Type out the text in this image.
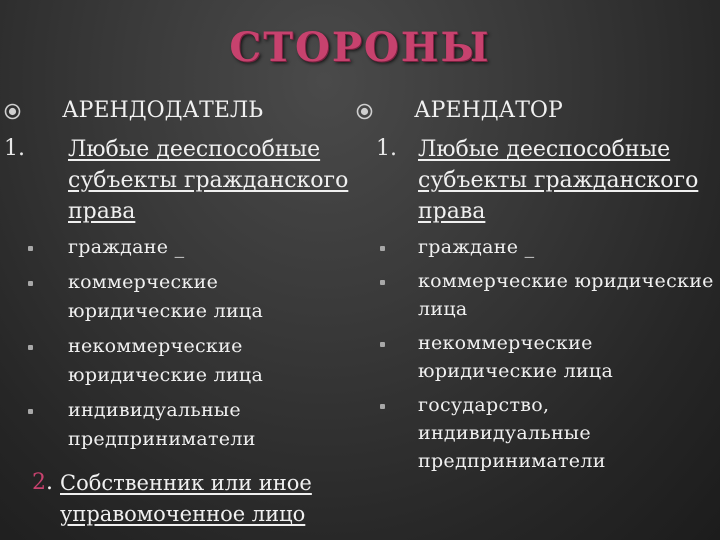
СТОРОНЫ
АРЕНДОДАТЕЛЬ
1. Любые дееспособные субъекты гражданского права
граждане _
коммерческие юридические лица
некоммерческие юридические лица
индивидуальные предприниматели
2. Собственник или иное управомоченное лицо
АРЕНДАТОР
1. Любые дееспособные субъекты гражданского права
граждане _
коммерческие юридические лица
некоммерческие юридические лица
государство, индивидуальные предприниматели
